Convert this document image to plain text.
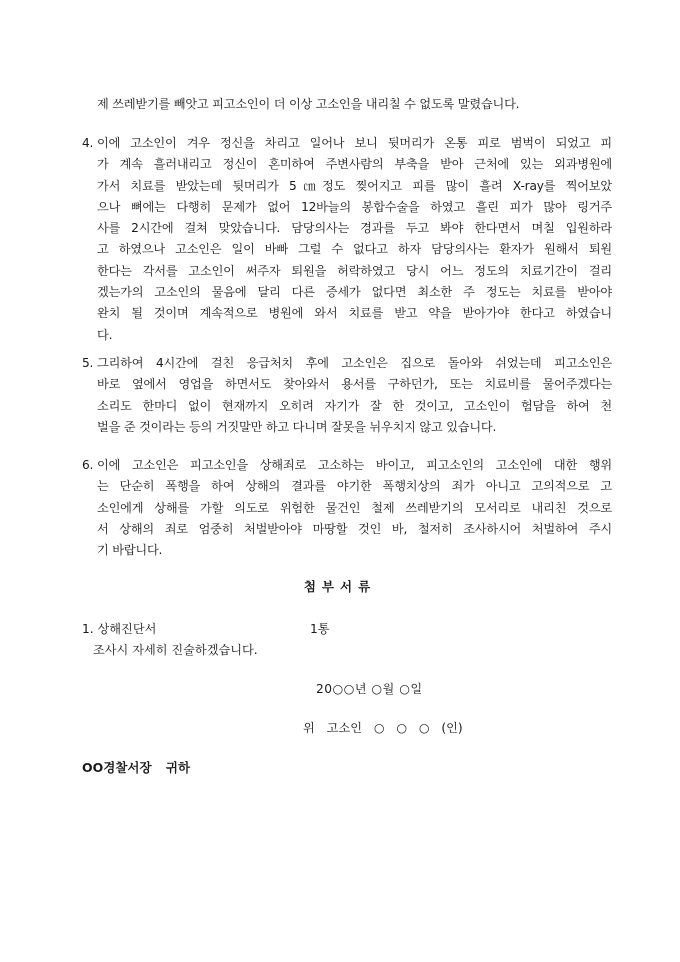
제 쓰레받기를 빼앗고 피고소인이 더 이상 고소인을 내리칠 수 없도록 말렸습니다.
4. 이에 고소인이 겨우 정신을 차리고 일어나 보니 뒷머리가 온통 피로 범벅이 되었고 피
가 계속 흘러내리고 정신이 혼미하여 주변사람의 부축을 받아 근처에 있는 외과병원에
가서 치료를 받았는데 뒷머리가 5㎝정도 찢어지고 피를 많이 흘려 X-ray를 찍어보았
으나 뼈에는 다행히 문제가 없어 12바늘의 봉합수술을 하였고 흘린 피가 많아 링거주
사를 2시간에 걸쳐 맞았습니다. 담당의사는 경과를 두고 봐야 한다면서 며칠 입원하라
고 하였으나 고소인은 일이 바빠 그럴 수 없다고 하자 담당의사는 환자가 원해서 퇴원
한다는 각서를 고소인이 써주자 퇴원을 허락하였고 당시 어느 정도의 치료기간이 걸리
겠는가의 고소인의 물음에 달리 다른 증세가 없다면 최소한 주 정도는 치료를 받아야
완치 될 것이며 계속적으로 병원에 와서 치료를 받고 약을 받아가야 한다고 하였습니
다.
5. 그리하여 4시간에 걸친 응급처치 후에 고소인은 집으로 돌아와 쉬었는데 피고소인은
바로 옆에서 영업을 하면서도 찾아와서 용서를 구하던가, 또는 치료비를 물어주겠다는
소리도 한마디 없이 현재까지 오히려 자기가 잘 한 것이고, 고소인이 험담을 하여 천
벌을 준 것이라는 등의 거짓말만 하고 다니며 잘못을 뉘우치지 않고 있습니다.
6. 이에 고소인은 피고소인을 상해죄로 고소하는 바이고, 피고소인의 고소인에 대한 행위
는 단순히 폭행을 하여 상해의 결과를 야기한 폭행치상의 죄가 아니고 고의적으로 고
소인에게 상해를 가할 의도로 위험한 물건인 철제 쓰레받기의 모서리로 내리친 것으로
서 상해의 죄로 엄중히 처벌받아야 마땅할 것인 바, 철저히 조사하시어 처벌하여 주시
기 바랍니다.
첨부서류
1. 상해진단서	1통
조사시 자세히 진술하겠습니다.
20○○년 ○월 ○일
위 고소인 ○ ○ ○ (인)
OO경찰서장 귀하
